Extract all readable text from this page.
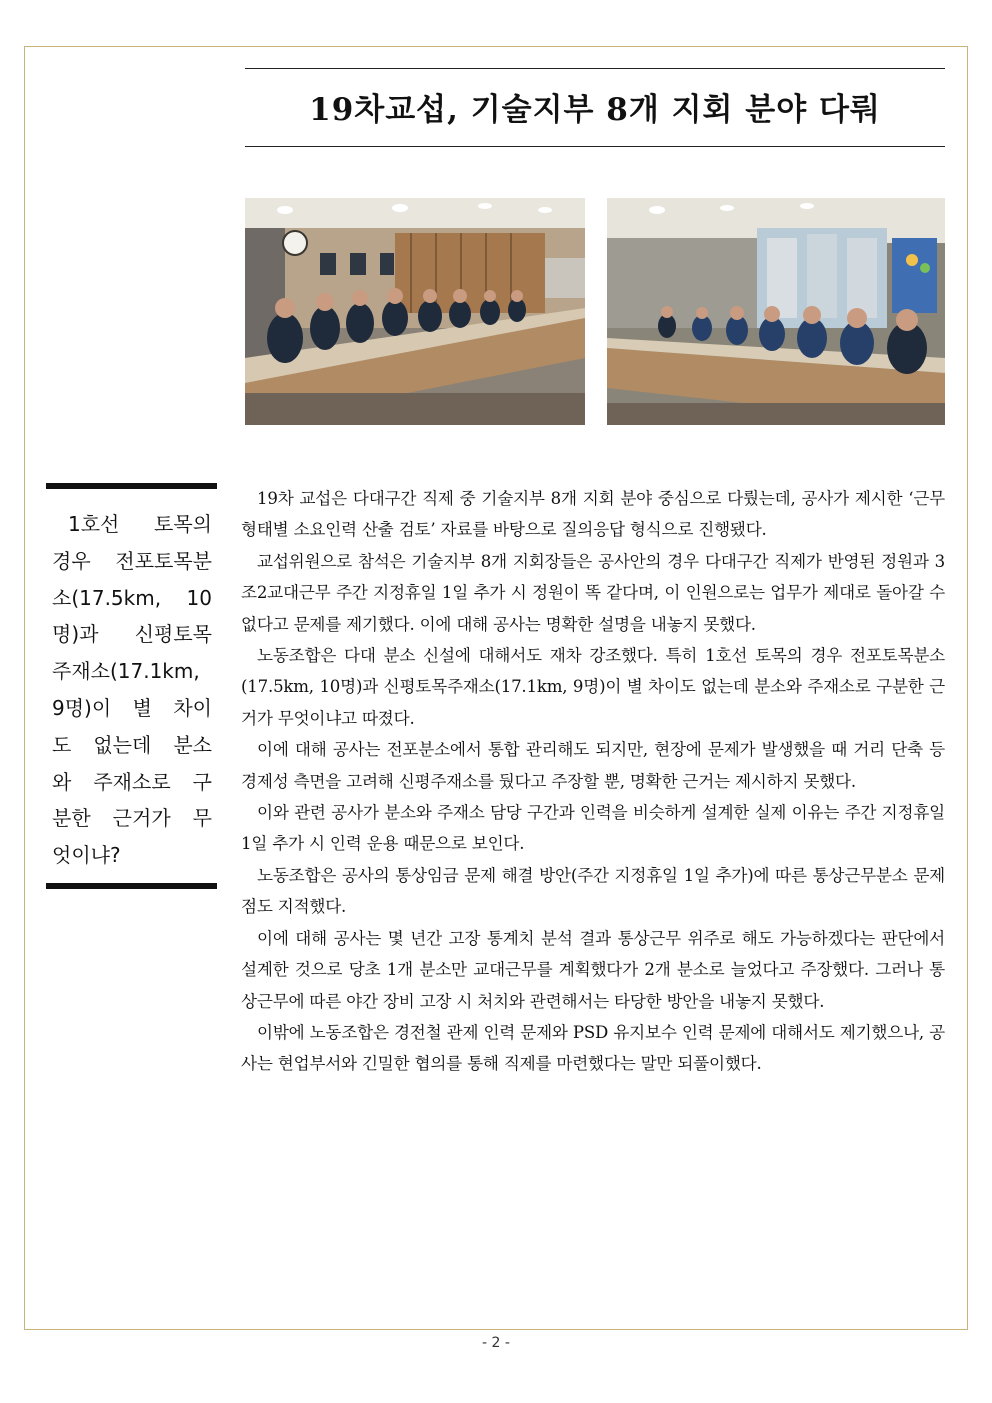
19차교섭, 기술지부 8개 지회 분야 다뤄
1호선 토목의
경우 전포토목분
소(17.5km, 10
명)과 신평토목
주재소(17.1km,
9명)이 별 차이
도 없는데 분소
와 주재소로 구
분한 근거가 무
엇이냐?

19차 교섭은 다대구간 직제 중 기술지부 8개 지회 분야 중심으로 다뤘는데, 공사가 제시한 ‘근무형태별 소요인력 산출 검토’ 자료를 바탕으로 질의응답 형식으로 진행됐다.

교섭위원으로 참석은 기술지부 8개 지회장들은 공사안의 경우 다대구간 직제가 반영된 정원과 3조2교대근무 주간 지정휴일 1일 추가 시 정원이 똑 같다며, 이 인원으로는 업무가 제대로 돌아갈 수 없다고 문제를 제기했다. 이에 대해 공사는 명확한 설명을 내놓지 못했다.

노동조합은 다대 분소 신설에 대해서도 재차 강조했다. 특히 1호선 토목의 경우 전포토목분소(17.5km, 10명)과 신평토목주재소(17.1km, 9명)이 별 차이도 없는데 분소와 주재소로 구분한 근거가 무엇이냐고 따졌다.

이에 대해 공사는 전포분소에서 통합 관리해도 되지만, 현장에 문제가 발생했을 때 거리 단축 등 경제성 측면을 고려해 신평주재소를 뒀다고 주장할 뿐, 명확한 근거는 제시하지 못했다.

이와 관련 공사가 분소와 주재소 담당 구간과 인력을 비슷하게 설계한 실제 이유는 주간 지정휴일 1일 추가 시 인력 운용 때문으로 보인다.

노동조합은 공사의 통상임금 문제 해결 방안(주간 지정휴일 1일 추가)에 따른 통상근무분소 문제점도 지적했다.

이에 대해 공사는 몇 년간 고장 통계치 분석 결과 통상근무 위주로 해도 가능하겠다는 판단에서 설계한 것으로 당초 1개 분소만 교대근무를 계획했다가 2개 분소로 늘었다고 주장했다. 그러나 통상근무에 따른 야간 장비 고장 시 처치와 관련해서는 타당한 방안을 내놓지 못했다.

이밖에 노동조합은 경전철 관제 인력 문제와 PSD 유지보수 인력 문제에 대해서도 제기했으나, 공사는 현업부서와 긴밀한 협의를 통해 직제를 마련했다는 말만 되풀이했다.

- 2 -
